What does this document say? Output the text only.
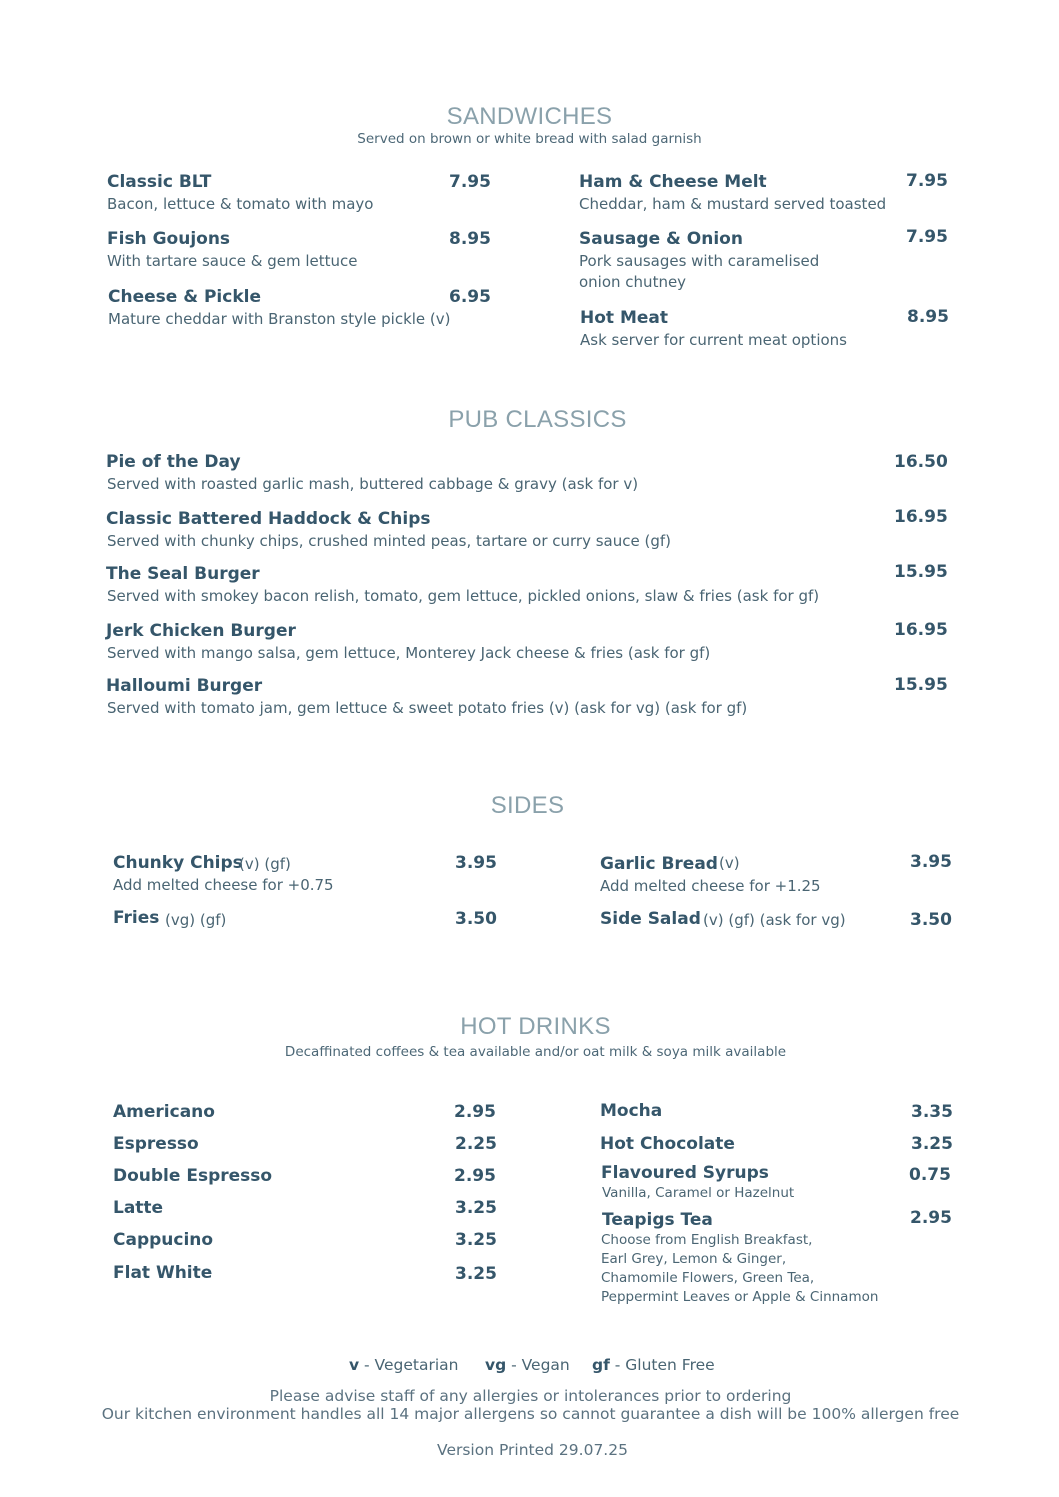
SANDWICHES
Served on brown or white bread with salad garnish
Classic BLT
Bacon, lettuce & tomato with mayo
7.95
Fish Goujons
With tartare sauce & gem lettuce
8.95
Cheese & Pickle
Mature cheddar with Branston style pickle (v)
6.95
Ham & Cheese Melt
Cheddar, ham & mustard served toasted
7.95
Sausage & Onion
Pork sausages with caramelised
onion chutney
7.95
Hot Meat
Ask server for current meat options
8.95
PUB CLASSICS
Pie of the Day
Served with roasted garlic mash, buttered cabbage & gravy (ask for v)
16.50
Classic Battered Haddock & Chips
Served with chunky chips, crushed minted peas, tartare or curry sauce (gf)
16.95
The Seal Burger
Served with smokey bacon relish, tomato, gem lettuce, pickled onions, slaw & fries (ask for gf)
15.95
Jerk Chicken Burger
Served with mango salsa, gem lettuce, Monterey Jack cheese & fries (ask for gf)
16.95
Halloumi Burger
Served with tomato jam, gem lettuce & sweet potato fries (v) (ask for vg) (ask for gf)
15.95
SIDES
Chunky Chips
(v) (gf)
Add melted cheese for +0.75
3.95
Fries (vg) (gf)	3.50
Garlic Bread (v)
Add melted cheese for +1.25
3.95
Side Salad (v) (gf) (ask for vg)	3.50
HOT DRINKS
Decaffinated coffees & tea available and/or oat milk & soya milk available
Americano	2.95
Espresso	2.25
Double Espresso	2.95
Latte	3.25
Cappucino	3.25
Flat White	3.25
Mocha	3.35
Hot Chocolate	3.25
Flavoured Syrups
Vanilla, Caramel or Hazelnut
0.75
Teapigs Tea
Choose from English Breakfast,
Earl Grey, Lemon & Ginger,
Chamomile Flowers, Green Tea,
Peppermint Leaves or Apple & Cinnamon
2.95
v - Vegetarian vg - Vegan gf - Gluten Free
Please advise staff of any allergies or intolerances prior to ordering
Our kitchen environment handles all 14 major allergens so cannot guarantee a dish will be 100% allergen free
Version Printed 29.07.25
